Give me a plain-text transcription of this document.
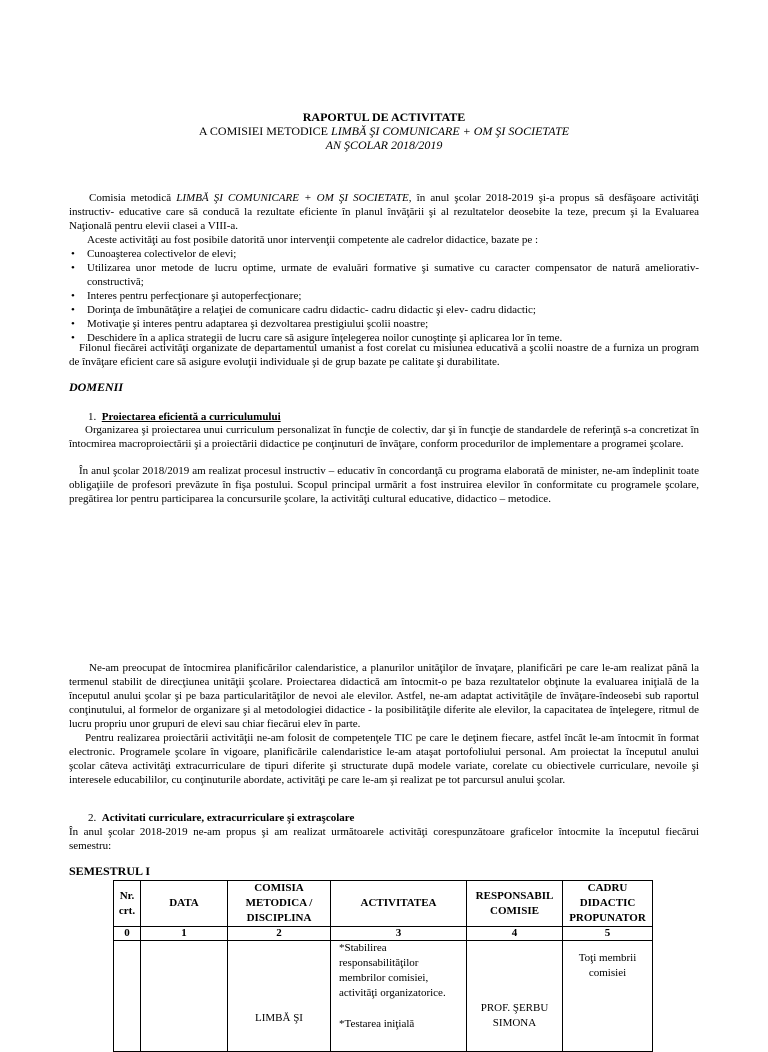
RAPORTUL DE ACTIVITATE
A COMISIEI METODICE LIMBĂ ŞI COMUNICARE + OM ŞI SOCIETATE
AN ŞCOLAR 2018/2019
Comisia metodică LIMBĂ ŞI COMUNICARE + OM ŞI SOCIETATE, în anul şcolar 2018-2019 şi-a propus să desfăşoare activităţi instructiv- educative care să conducă la rezultate eficiente în planul învăţării şi al rezultatelor deosebite la teze, precum şi la Evaluarea Naţională pentru elevii clasei a VIII-a.
Aceste activităţi au fost posibile datorită unor intervenţii competente ale cadrelor didactice, bazate pe :
• Cunoaşterea colectivelor de elevi;
• Utilizarea unor metode de lucru optime, urmate de evaluări formative şi sumative cu caracter compensator de natură ameliorativ-constructivă;
• Interes pentru perfecţionare şi autoperfecţionare;
• Dorinţa de îmbunătăţire a relaţiei de comunicare cadru didactic- cadru didactic şi elev- cadru didactic;
• Motivaţie şi interes pentru adaptarea şi dezvoltarea prestigiului şcolii noastre;
• Deschidere în a aplica strategii de lucru care să asigure înţelegerea noilor cunoştinţe şi aplicarea lor în teme.
Filonul fiecărei activităţi organizate de departamentul umanist a fost corelat cu misiunea educativă a şcolii noastre de a furniza un program de învăţare eficient care să asigure evoluţii individuale şi de grup bazate pe calitate şi durabilitate.
DOMENII
1. Proiectarea eficientă a curriculumului
Organizarea şi proiectarea unui curriculum personalizat în funcţie de colectiv, dar şi în funcţie de standardele de referinţă s-a concretizat în întocmirea macroproiectării şi a proiectării didactice pe conţinuturi de învăţare, conform procedurilor de implementare a programei şcolare.
În anul şcolar 2018/2019 am realizat procesul instructiv – educativ în concordanţă cu programa elaborată de minister, ne-am îndeplinit toate obligaţiile de profesori prevăzute în fişa postului. Scopul principal urmărit a fost instruirea elevilor în conformitate cu programele şcolare, pregătirea lor pentru participarea la concursurile şcolare, la activităţi cultural educative, didactico – metodice.
Ne-am preocupat de întocmirea planificărilor calendaristice, a planurilor unităţilor de învaţare, planificări pe care le-am realizat până la termenul stabilit de direcţiunea unităţii şcolare. Proiectarea didactică am întocmit-o pe baza rezultatelor obţinute la evaluarea iniţială de la începutul anului şcolar şi pe baza particularităţilor de nevoi ale elevilor. Astfel, ne-am adaptat activităţile de învăţare-îndeosebi sub raportul conţinutului, al formelor de organizare şi al metodologiei didactice - la posibilităţile diferite ale elevilor, la capacitatea de înţelegere, ritmul de lucru propriu unor grupuri de elevi sau chiar fiecărui elev în parte.
Pentru realizarea proiectării activităţii ne-am folosit de competenţele TIC pe care le deţinem fiecare, astfel încât le-am întocmit în format electronic. Programele şcolare în vigoare, planificările calendaristice le-am ataşat portofoliului personal. Am proiectat la începutul anului şcolar câteva activităţi extracurriculare de tipuri diferite şi structurate după modele variate, corelate cu obiectivele curriculare, nevoile şi interesele educabililor, cu conţinuturile abordate, activităţi pe care le-am şi realizat pe tot parcursul anului şcolar.
2. Activitati curriculare, extracurriculare şi extraşcolare
În anul şcolar 2018-2019 ne-am propus şi am realizat următoarele activităţi corespunzătoare graficelor întocmite la începutul fiecărui semestru:
SEMESTRUL I
Nr. crt.	DATA	COMISIA METODICA / DISCIPLINA	ACTIVITATEA	RESPONSABIL COMISIE	CADRU DIDACTIC PROPUNATOR
0	1	2	3	4	5

		LIMBĂ ŞI	*Stabilirea responsabilităţilor membrilor comisiei, activităţi organizatorice.
*Testarea iniţială	PROF. ŞERBU SIMONA	Toţi membrii comisiei
